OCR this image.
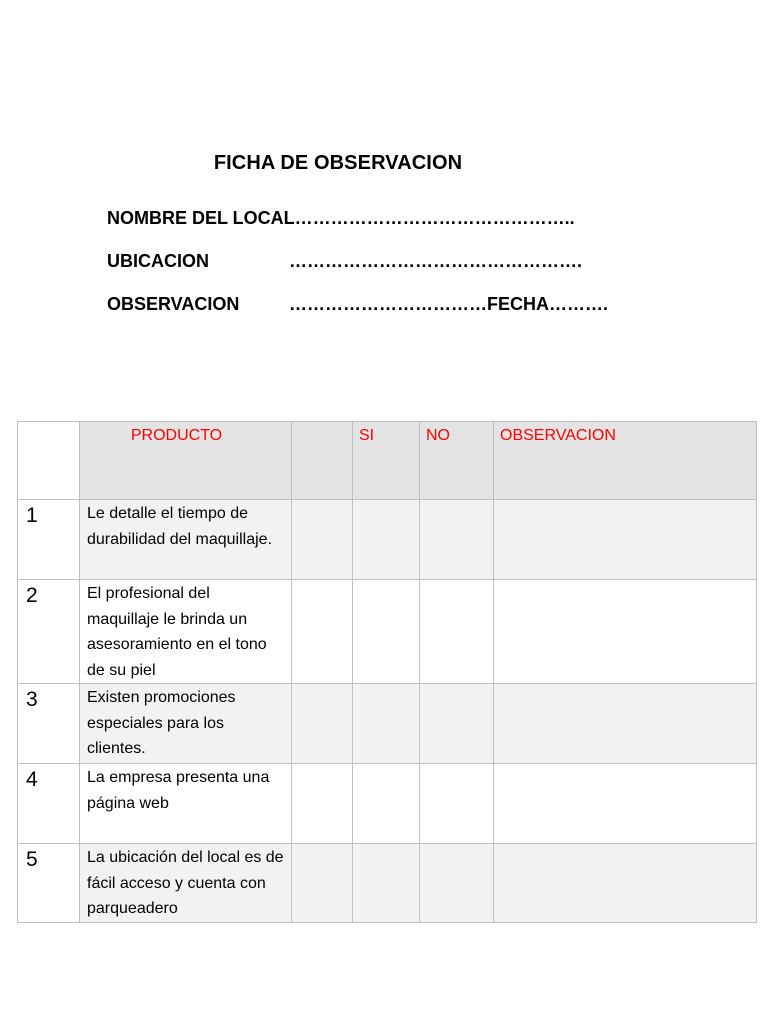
FICHA DE OBSERVACION
NOMBRE DEL LOCAL………………………………………..
UBICACION	………………………………………….
OBSERVACION	……………………………FECHA……….

	PRODUCTO		SI	NO	OBSERVACION

1	Le detalle el tiempo de durabilidad del maquillaje.				

2	El profesional del maquillaje le brinda un asesoramiento en el tono de su piel				

3	Existen promociones especiales para los clientes.				

4	La empresa presenta una página web				

5	La ubicación del local es de fácil acceso y cuenta con parqueadero				
